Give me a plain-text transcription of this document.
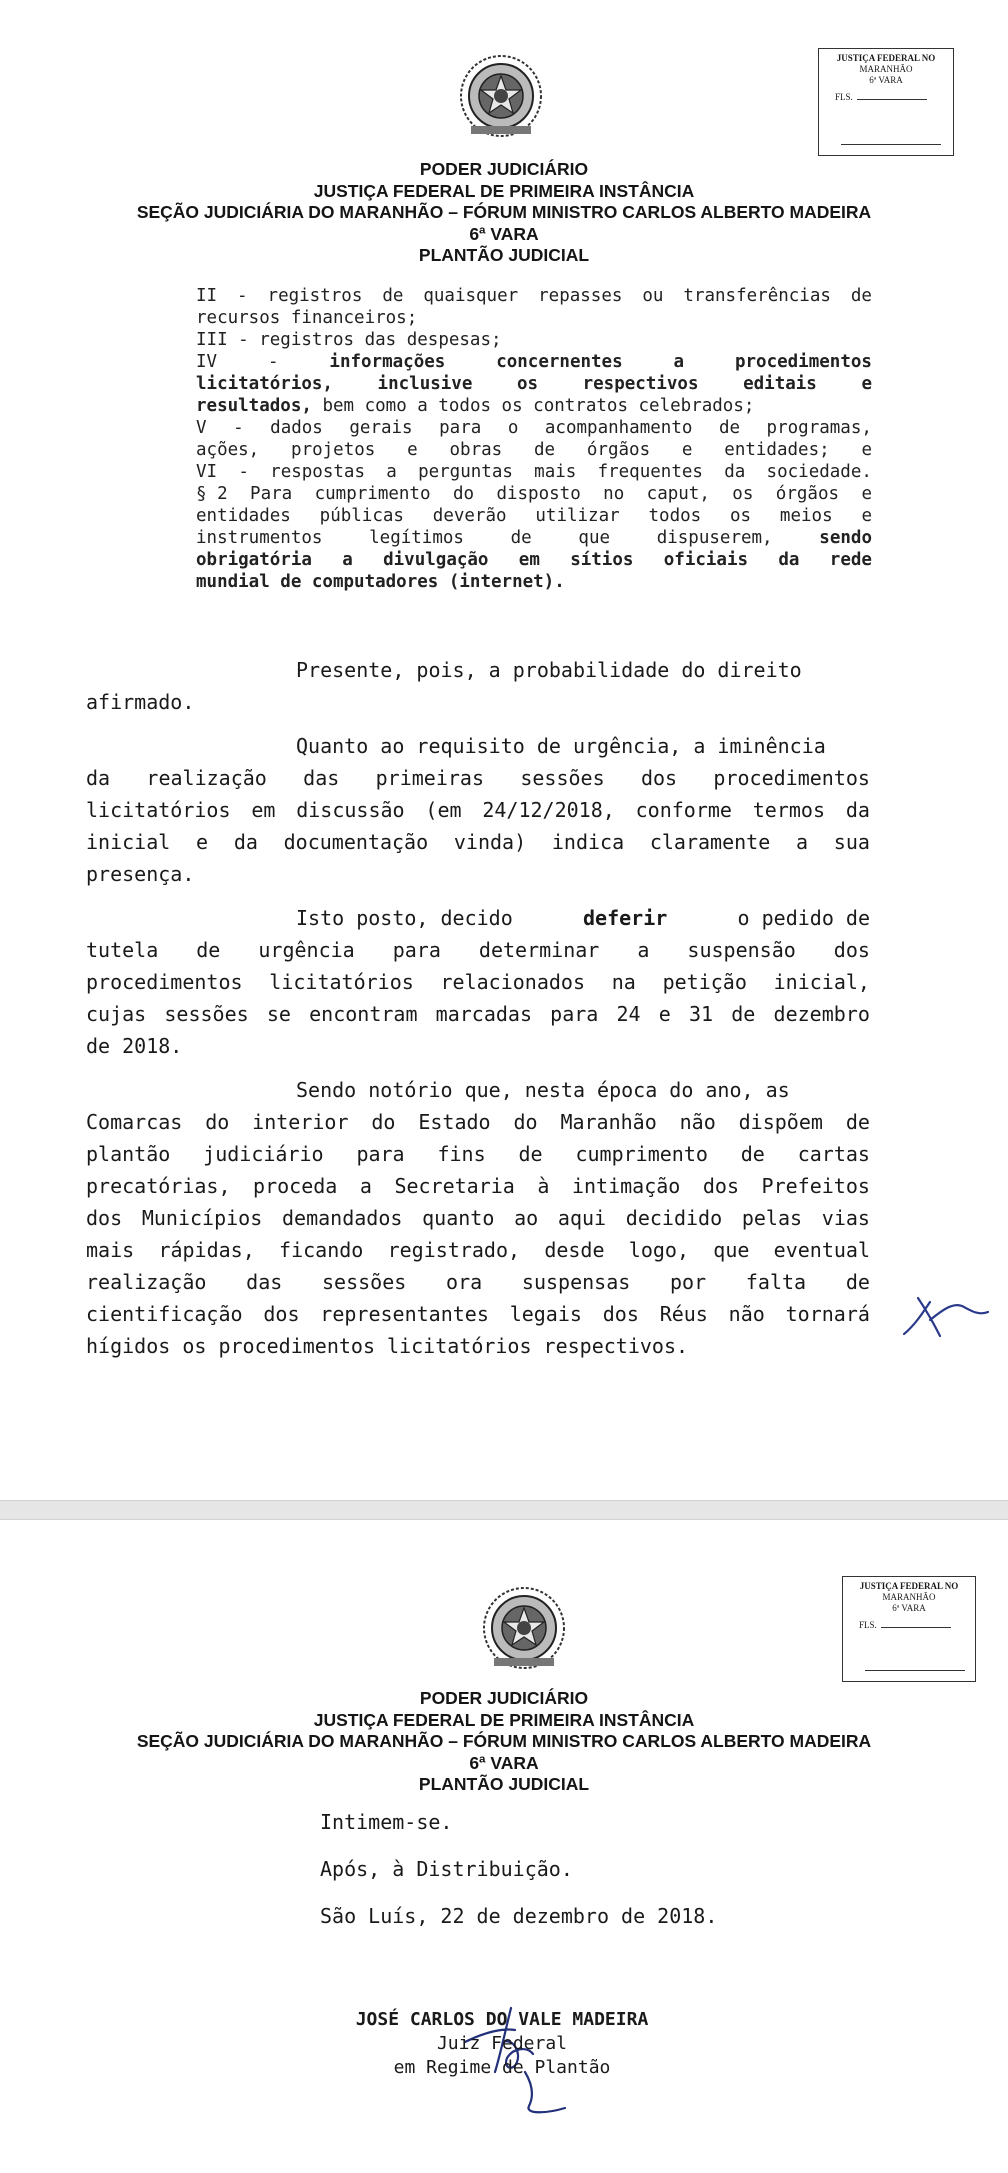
JUSTIÇA FEDERAL NO
MARANHÃO
6ª VARA
FLS.
PODER JUDICIÁRIO
JUSTIÇA FEDERAL DE PRIMEIRA INSTÂNCIA
SEÇÃO JUDICIÁRIA DO MARANHÃO – FÓRUM MINISTRO CARLOS ALBERTO MADEIRA
6ª VARA
PLANTÃO JUDICIAL
II - registros de quaisquer repasses ou transferências de
recursos financeiros;
III - registros das despesas;
IV	-	informações	concernentes	a	procedimentos
licitatórios,	inclusive	os	respectivos	editais	e
resultados, bem como a todos os contratos celebrados;
V - dados gerais para o acompanhamento de programas,
ações, projetos e obras de órgãos e entidades; e
VI - respostas a perguntas mais frequentes da sociedade.
§ 2 Para cumprimento do disposto no caput, os órgãos e
entidades públicas deverão utilizar todos os meios e
instrumentos	legítimos	de	que	dispuserem,	sendo
obrigatória a divulgação em sítios oficiais da rede
mundial de computadores (internet).
Presente, pois, a probabilidade do direito
afirmado.
Quanto ao requisito de urgência, a iminência
da realização das primeiras sessões dos procedimentos
licitatórios em discussão (em 24/12/2018, conforme termos da
inicial e da documentação vinda) indica claramente a sua
presença.
Isto posto, decido	deferir	o pedido de
tutela de urgência para determinar a suspensão dos
procedimentos licitatórios relacionados na petição inicial,
cujas sessões se encontram marcadas para 24 e 31 de dezembro
de 2018.
Sendo notório que, nesta época do ano, as
Comarcas do interior do Estado do Maranhão não dispõem de
plantão judiciário para fins de cumprimento de cartas
precatórias, proceda a Secretaria à intimação dos Prefeitos
dos Municípios demandados quanto ao aqui decidido pelas vias
mais rápidas, ficando registrado, desde logo, que eventual
realização das sessões ora suspensas por falta de
cientificação dos representantes legais dos Réus não tornará
hígidos os procedimentos licitatórios respectivos.
JUSTIÇA FEDERAL NO
MARANHÃO
6ª VARA
FLS.
PODER JUDICIÁRIO
JUSTIÇA FEDERAL DE PRIMEIRA INSTÂNCIA
SEÇÃO JUDICIÁRIA DO MARANHÃO – FÓRUM MINISTRO CARLOS ALBERTO MADEIRA
6ª VARA
PLANTÃO JUDICIAL
Intimem-se.
Após, à Distribuição.
São Luís, 22 de dezembro de 2018.
JOSÉ CARLOS DO VALE MADEIRA
Juiz Federal
em Regime de Plantão
